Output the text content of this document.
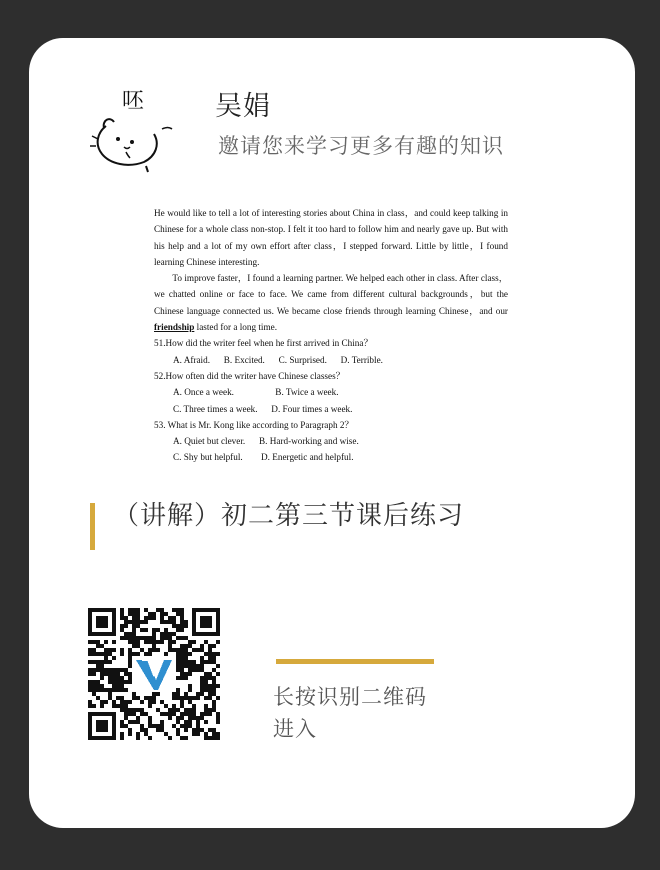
呸	吴娟
邀请您来学习更多有趣的知识

He would like to tell a lot of interesting stories about China in class，and could keep talking in Chinese for a whole class non-stop. I felt it too hard to follow him and nearly gave up. But with his help and a lot of my own effort after class，I stepped forward. Little by little，I found learning Chinese interesting.

To improve faster，I found a learning partner. We helped each other in class. After class，we chatted online or face to face. We came from different cultural backgrounds，but the Chinese language connected us. We became close friends through learning Chinese，and our friendship lasted for a long time.

51.How did the writer feel when he first arrived in China？

A. Afraid.      B. Excited.      C. Surprised.      D. Terrible.

52.How often did the writer have Chinese classes？

A. Once a week.                  B. Twice a week.

C. Three times a week.      D. Four times a week.

53. What is Mr. Kong like according to Paragraph 2？

A. Quiet but clever.      B. Hard-working and wise.

C. Shy but helpful.        D. Energetic and helpful.

（讲解）初二第三节课后练习
长按识别二维码
进入
